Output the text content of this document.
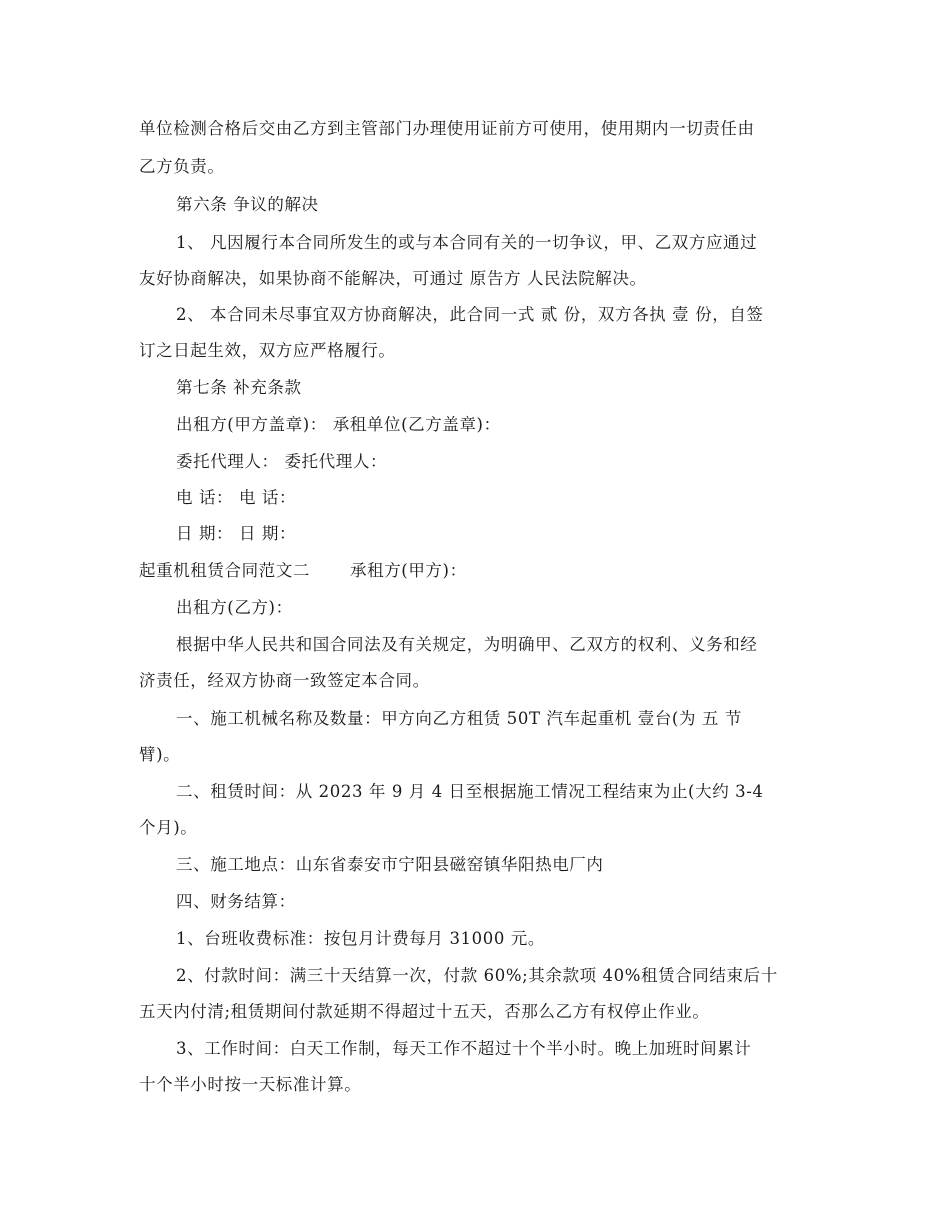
单位检测合格后交由乙方到主管部门办理使用证前方可使用，使用期内一切责任由
乙方负责。
第六条 争议的解决
1、 凡因履行本合同所发生的或与本合同有关的一切争议，甲、乙双方应通过
友好协商解决，如果协商不能解决，可通过 原告方 人民法院解决。
2、 本合同未尽事宜双方协商解决，此合同一式 贰 份，双方各执 壹 份，自签
订之日起生效，双方应严格履行。
第七条 补充条款
出租方(甲方盖章)： 承租单位(乙方盖章)：
委托代理人： 委托代理人：
电 话： 电 话：
日 期： 日 期：
起重机租赁合同范文二 承租方(甲方)：
出租方(乙方)：
根据中华人民共和国合同法及有关规定，为明确甲、乙双方的权利、义务和经
济责任，经双方协商一致签定本合同。
一、施工机械名称及数量：甲方向乙方租赁 50T 汽车起重机 壹台(为 五 节
臂)。
二、租赁时间：从 2023 年 9 月 4 日至根据施工情况工程结束为止(大约 3-4
个月)。
三、施工地点：山东省泰安市宁阳县磁窑镇华阳热电厂内
四、财务结算：
1、台班收费标准：按包月计费每月 31000 元。
2、付款时间：满三十天结算一次，付款 60%;其余款项 40%租赁合同结束后十
五天内付清;租赁期间付款延期不得超过十五天，否那么乙方有权停止作业。
3、工作时间：白天工作制，每天工作不超过十个半小时。晚上加班时间累计
十个半小时按一天标准计算。
